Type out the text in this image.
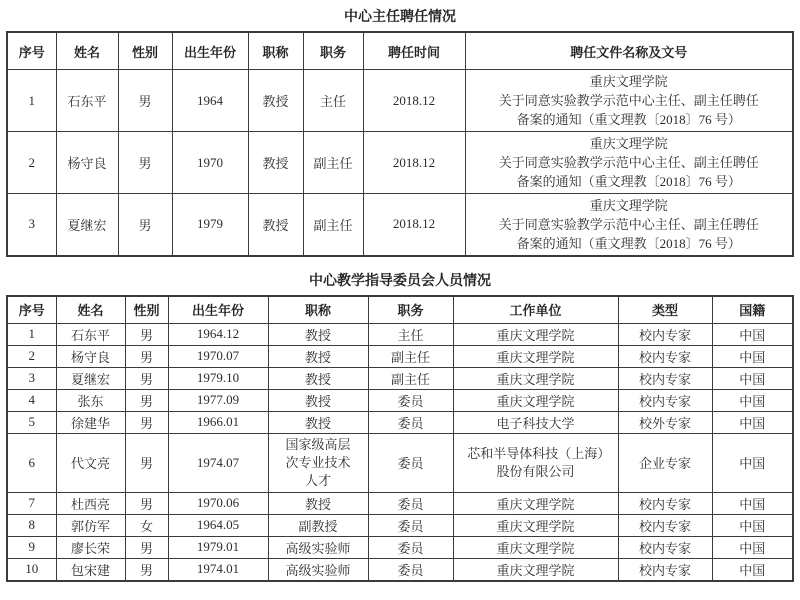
中心主任聘任情况
序号	姓名	性别	出生年份	职称	职务	聘任时间	聘任文件名称及文号
1	石东平	男	1964	教授	主任	2018.12	重庆文理学院
关于同意实验教学示范中心主任、副主任聘任
备案的通知（重文理教〔2018〕76 号）

2	杨守良	男	1970	教授	副主任	2018.12	重庆文理学院
关于同意实验教学示范中心主任、副主任聘任
备案的通知（重文理教〔2018〕76 号）

3	夏继宏	男	1979	教授	副主任	2018.12	重庆文理学院
关于同意实验教学示范中心主任、副主任聘任
备案的通知（重文理教〔2018〕76 号）
中心教学指导委员会人员情况
序号	姓名	性别	出生年份	职称	职务	工作单位	类型	国籍
1	石东平	男	1964.12	教授	主任	重庆文理学院	校内专家	中国
2	杨守良	男	1970.07	教授	副主任	重庆文理学院	校内专家	中国
3	夏继宏	男	1979.10	教授	副主任	重庆文理学院	校内专家	中国
4	张东	男	1977.09	教授	委员	重庆文理学院	校内专家	中国
5	徐建华	男	1966.01	教授	委员	电子科技大学	校外专家	中国
6	代文亮	男	1974.07	国家级高层次专业技术人才	委员	芯和半导体科技（上海）股份有限公司	企业专家	中国
7	杜西亮	男	1970.06	教授	委员	重庆文理学院	校内专家	中国
8	郭仿军	女	1964.05	副教授	委员	重庆文理学院	校内专家	中国
9	廖长荣	男	1979.01	高级实验师	委员	重庆文理学院	校内专家	中国
10	包宋建	男	1974.01	高级实验师	委员	重庆文理学院	校内专家	中国
